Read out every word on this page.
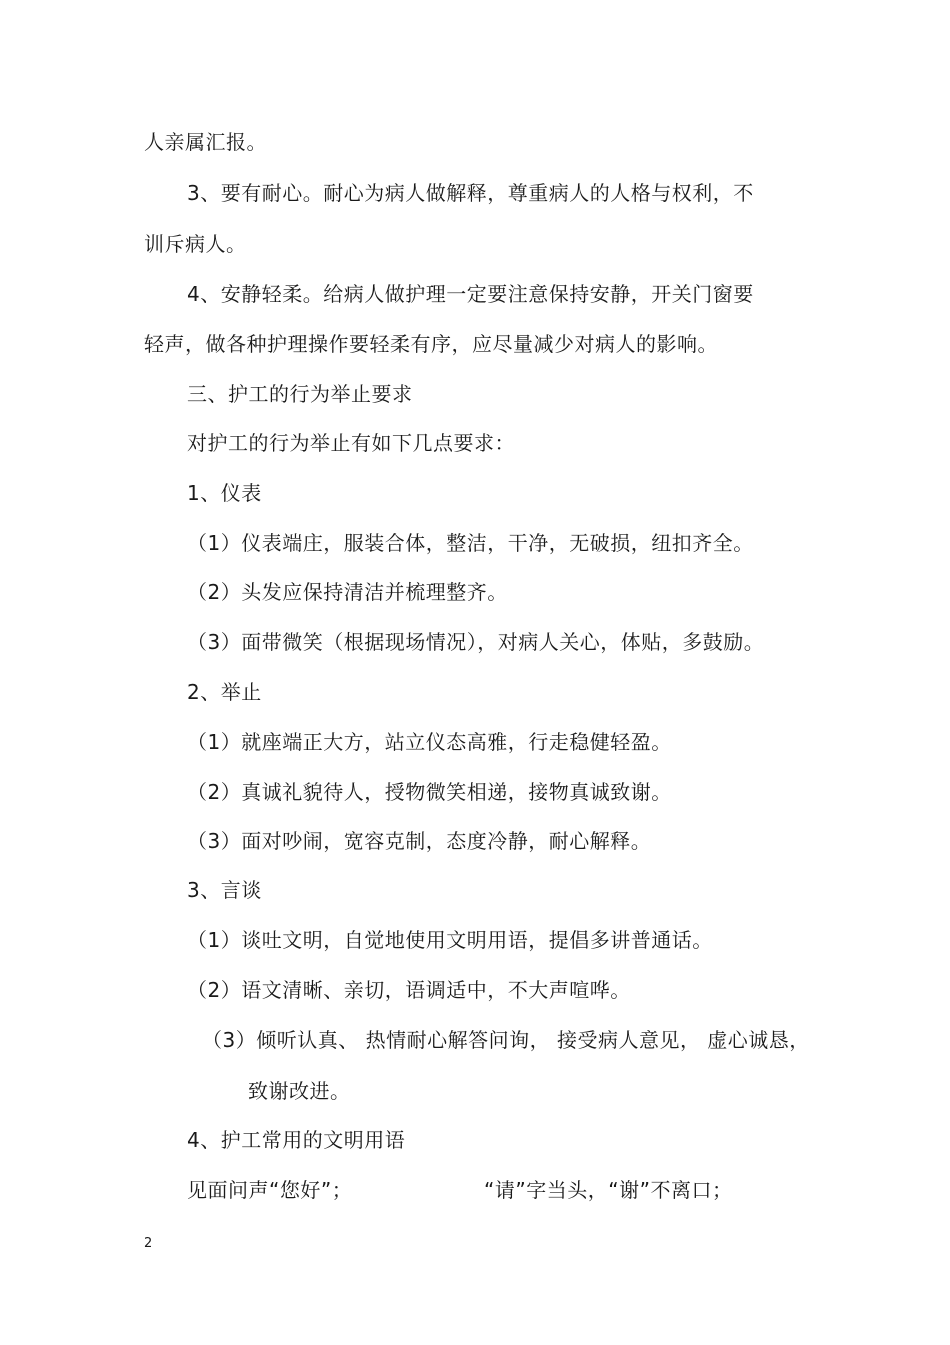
人亲属汇报。
3、要有耐心。耐心为病人做解释，尊重病人的人格与权利，不
训斥病人。
4、安静轻柔。给病人做护理一定要注意保持安静，开关门窗要
轻声，做各种护理操作要轻柔有序，应尽量减少对病人的影响。
三、护工的行为举止要求
对护工的行为举止有如下几点要求：
1、仪表
（1）仪表端庄，服装合体，整洁，干净，无破损，纽扣齐全。
（2）头发应保持清洁并梳理整齐。
（3）面带微笑（根据现场情况），对病人关心，体贴，多鼓励。
2、举止
（1）就座端正大方，站立仪态高雅，行走稳健轻盈。
（2）真诚礼貌待人，授物微笑相递，接物真诚致谢。
（3）面对吵闹，宽容克制，态度冷静，耐心解释。
3、言谈
（1）谈吐文明，自觉地使用文明用语，提倡多讲普通话。
（2）语文清晰、亲切，语调适中，不大声喧哗。
（3）倾听认真、 热情耐心解答问询， 接受病人意见， 虚心诚恳，
致谢改进。
4、护工常用的文明用语
见面问声“您好”；	“请”字当头，“谢”不离口；
2
